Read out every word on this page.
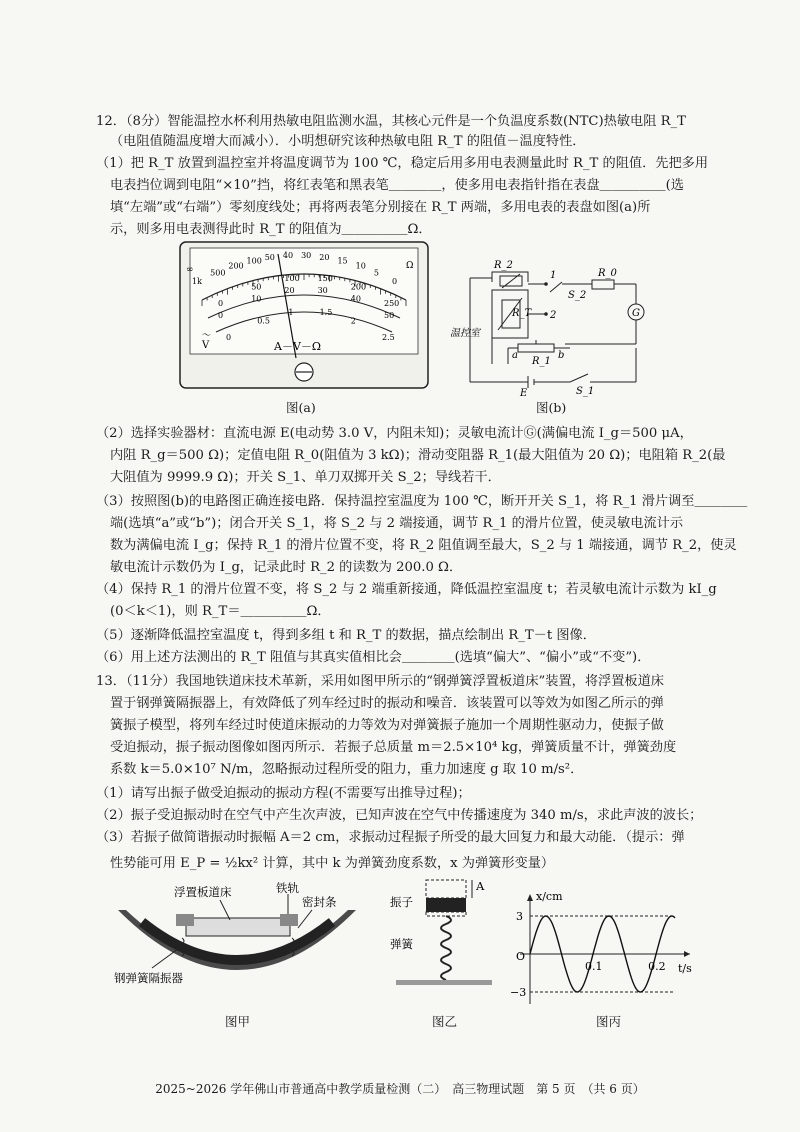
12．（8分）智能温控水杯利用热敏电阻监测水温，其核心元件是一个负温度系数(NTC)热敏电阻 R_T
（电阻值随温度增大而减小）．小明想研究该种热敏电阻 R_T 的阻值－温度特性．
（1）把 R_T 放置到温控室并将温度调节为 100 ℃，稳定后用多用电表测量此时 R_T 的阻值．先把多用
电表挡位调到电阻“×10”挡，将红表笔和黑表笔＿＿＿＿，使多用电表指针指在表盘＿＿＿＿＿(选
填“左端”或“右端”）零刻度线处；再将两表笔分别接在 R_T 两端，多用电表的表盘如图(a)所
示，则多用电表测得此时 R_T 的阻值为＿＿＿＿＿Ω．
∞	Ω
V
～
A－V－Ω
1k
500
200
100 50 40 30 20 15
10
5
0
0
50
100 150
200
250
0
10
20	30
40
50
0
0.5
1	1.5
2
2.5
图(a)
R_2
1
S_2
R_0
G
2
R_T
温控室
a
R_1
b
E	S_1
图(b)
（2）选择实验器材：直流电源 E(电动势 3.0 V，内阻未知)；灵敏电流计Ⓖ(满偏电流 I_g＝500 μA，
内阻 R_g＝500 Ω)；定值电阻 R_0(阻值为 3 kΩ)；滑动变阻器 R_1(最大阻值为 20 Ω)；电阻箱 R_2(最
大阻值为 9999.9 Ω)；开关 S_1、单刀双掷开关 S_2；导线若干．
（3）按照图(b)的电路图正确连接电路．保持温控室温度为 100 ℃，断开开关 S_1，将 R_1 滑片调至＿＿＿＿
端(选填“a”或“b”)；闭合开关 S_1，将 S_2 与 2 端接通，调节 R_1 的滑片位置，使灵敏电流计示
数为满偏电流 I_g；保持 R_1 的滑片位置不变，将 R_2 阻值调至最大，S_2 与 1 端接通，调节 R_2，使灵
敏电流计示数仍为 I_g，记录此时 R_2 的读数为 200.0 Ω．
（4）保持 R_1 的滑片位置不变，将 S_2 与 2 端重新接通，降低温控室温度 t；若灵敏电流计示数为 kI_g
(0＜k＜1)，则 R_T＝＿＿＿＿＿Ω．
（5）逐渐降低温控室温度 t，得到多组 t 和 R_T 的数据，描点绘制出 R_T－t 图像．
（6）用上述方法测出的 R_T 阻值与其真实值相比会＿＿＿＿(选填“偏大”、“偏小”或“不变”)．
13．（11分）我国地铁道床技术革新，采用如图甲所示的“钢弹簧浮置板道床”装置，将浮置板道床
置于钢弹簧隔振器上，有效降低了列车经过时的振动和噪音．该装置可以等效为如图乙所示的弹
簧振子模型，将列车经过时使道床振动的力等效为对弹簧振子施加一个周期性驱动力，使振子做
受迫振动，振子振动图像如图丙所示．若振子总质量 m＝2.5×10⁴ kg，弹簧质量不计，弹簧劲度
系数 k＝5.0×10⁷ N/m，忽略振动过程所受的阻力，重力加速度 g 取 10 m/s²．
（1）请写出振子做受迫振动的振动方程(不需要写出推导过程)；
（2）振子受迫振动时在空气中产生次声波，已知声波在空气中传播速度为 340 m/s，求此声波的波长；
（3）若振子做简谐振动时振幅 A＝2 cm，求振动过程振子所受的最大回复力和最大动能．（提示：弹
性势能可用 E_P = ½kx² 计算，其中 k 为弹簧劲度系数，x 为弹簧形变量）
浮置板道床	铁轨
密封条
钢弹簧隔振器
图甲
振子
弹簧
A
图乙
x/cm
t/s
O
3
−3
0.1	0.2
图丙
2025~2026 学年佛山市普通高中教学质量检测（二）　高三物理试题　第 5 页　（共 6 页）
